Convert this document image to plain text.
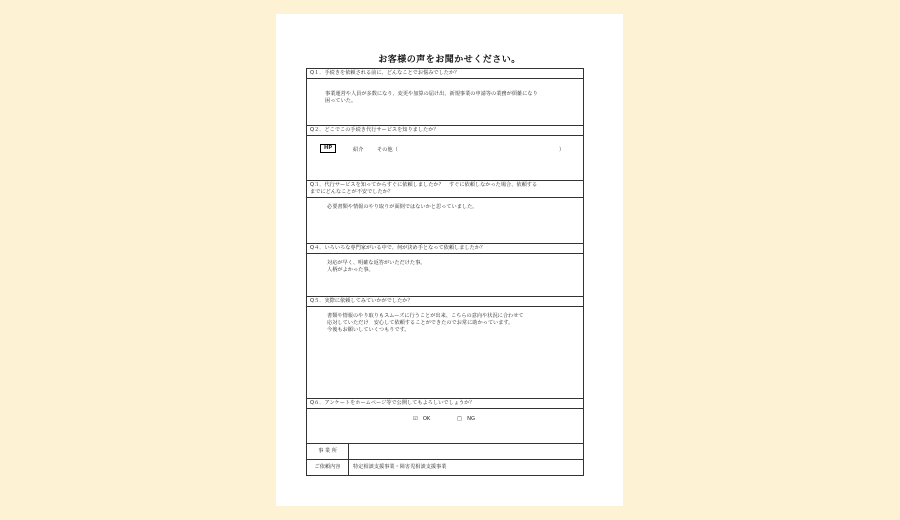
お客様の声をお聞かせください。
Q１．手続きを依頼される前に、どんなことでお悩みでしたか？
事業運営や人員が多数になり、変更や加算の届け出、新規事業の申請等の業務が煩雑になり
困っていた。
Q２．どこでこの手続き代行サービスを知りましたか？
HP	紹介	その他（	）
Q３．代行サービスを知ってからすぐに依頼しましたか？　すぐに依頼しなかった場合、依頼する
までにどんなことが不安でしたか？
必要書類や情報のやり取りが面倒ではないかと思っていました。
Q４．いろいろな専門家がいる中で、何が決め手となって依頼しましたか？
対応が早く、明確な返答がいただけた事。
人柄がよかった事。
Q５．実際に依頼してみていかがでしたか？
書類や情報のやり取りもスムーズに行うことが出来、こちらの意向や状況に合わせて
応対していただけ　安心して依頼することができたのでお常に助かっています。
今後もお願いしていくつもりです。
Q６．アンケートをホームページ等で公開してもよろしいでしょうか？
☑　OK	□　NG
事 業 所
ご依頼内容	特定相談支援事業・障害児相談支援事業
